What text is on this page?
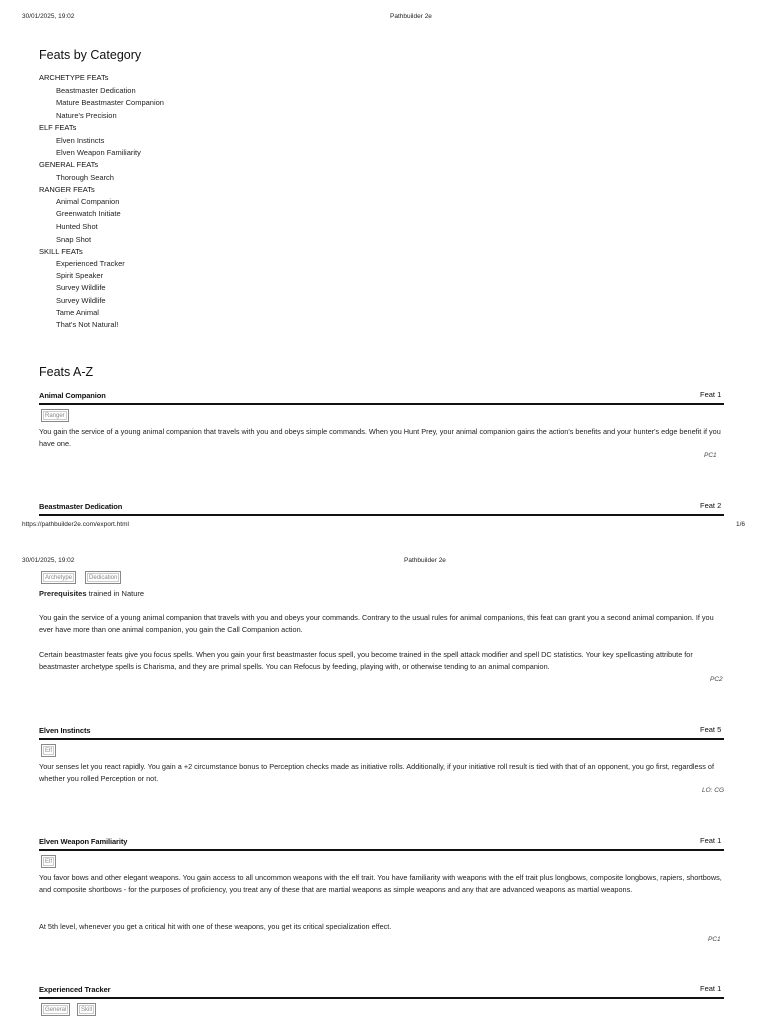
30/01/2025, 19:02	Pathbuilder 2e
Feats by Category
ARCHETYPE FEATs
Beastmaster Dedication
Mature Beastmaster Companion
Nature's Precision
ELF FEATs
Elven Instincts
Elven Weapon Familiarity
GENERAL FEATs
Thorough Search
RANGER FEATs
Animal Companion
Greenwatch Initiate
Hunted Shot
Snap Shot
SKILL FEATs
Experienced Tracker
Spirit Speaker
Survey Wildlife
Survey Wildlife
Tame Animal
That's Not Natural!
Feats A-Z
Animal Companion	Feat 1
Ranger
You gain the service of a young animal companion that travels with you and obeys simple commands. When you Hunt Prey, your animal companion gains the action's benefits and your hunter's edge benefit if you have one.
PC1
Beastmaster Dedication	Feat 2
https://pathbuilder2e.com/export.html	1/6
30/01/2025, 19:02	Pathbuilder 2e
Archetype	Dedication
Prerequisites trained in Nature
You gain the service of a young animal companion that travels with you and obeys your commands. Contrary to the usual rules for animal companions, this feat can grant you a second animal companion. If you ever have more than one animal companion, you gain the Call Companion action.
Certain beastmaster feats give you focus spells. When you gain your first beastmaster focus spell, you become trained in the spell attack modifier and spell DC statistics. Your key spellcasting attribute for beastmaster archetype spells is Charisma, and they are primal spells. You can Refocus by feeding, playing with, or otherwise tending to an animal companion.
PC2
Elven Instincts	Feat 5
Elf
Your senses let you react rapidly. You gain a +2 circumstance bonus to Perception checks made as initiative rolls. Additionally, if your initiative roll result is tied with that of an opponent, you go first, regardless of whether you rolled Perception or not.
LO: CG
Elven Weapon Familiarity	Feat 1
Elf
You favor bows and other elegant weapons. You gain access to all uncommon weapons with the elf trait. You have familiarity with weapons with the elf trait plus longbows, composite longbows, rapiers, shortbows, and composite shortbows - for the purposes of proficiency, you treat any of these that are martial weapons as simple weapons and any that are advanced weapons as martial weapons.
At 5th level, whenever you get a critical hit with one of these weapons, you get its critical specialization effect.
PC1
Experienced Tracker	Feat 1
General	Skill
